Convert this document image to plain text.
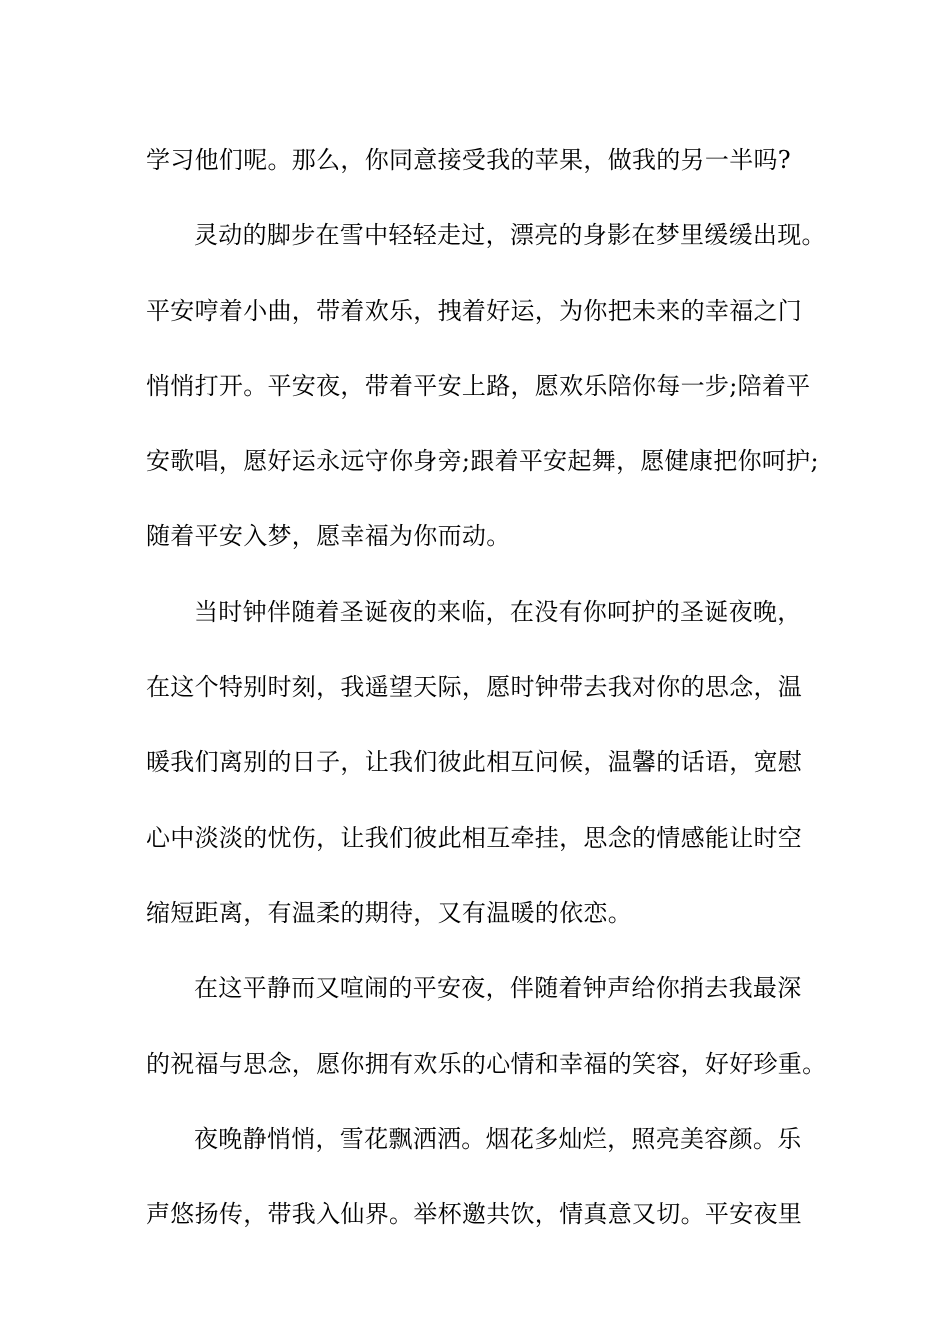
学习他们呢。那么，你同意接受我的苹果，做我的另一半吗?
灵动的脚步在雪中轻轻走过，漂亮的身影在梦里缓缓出现。
平安哼着小曲，带着欢乐，拽着好运，为你把未来的幸福之门
悄悄打开。平安夜，带着平安上路，愿欢乐陪你每一步;陪着平
安歌唱，愿好运永远守你身旁;跟着平安起舞，愿健康把你呵护;
随着平安入梦，愿幸福为你而动。
当时钟伴随着圣诞夜的来临，在没有你呵护的圣诞夜晚，
在这个特别时刻，我遥望天际，愿时钟带去我对你的思念，温
暖我们离别的日子，让我们彼此相互问候，温馨的话语，宽慰
心中淡淡的忧伤，让我们彼此相互牵挂，思念的情感能让时空
缩短距离，有温柔的期待，又有温暖的依恋。
在这平静而又喧闹的平安夜，伴随着钟声给你捎去我最深
的祝福与思念，愿你拥有欢乐的心情和幸福的笑容，好好珍重。
夜晚静悄悄，雪花飘洒洒。烟花多灿烂，照亮美容颜。乐
声悠扬传，带我入仙界。举杯邀共饮，情真意又切。平安夜里
